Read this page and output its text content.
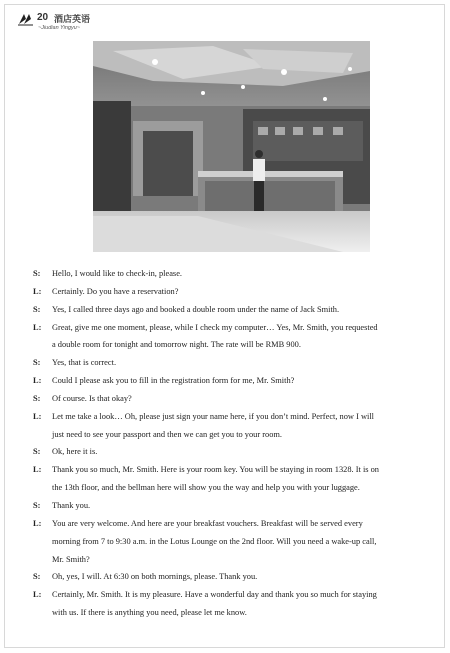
20 酒店英语
~Jiudian Yingyu~
S: Hello, I would like to check-in, please.
L: Certainly. Do you have a reservation?
S: Yes, I called three days ago and booked a double room under the name of Jack Smith.
L: Great, give me one moment, please, while I check my computer… Yes, Mr. Smith, you requested
a double room for tonight and tomorrow night. The rate will be RMB 900.
S: Yes, that is correct.
L: Could I please ask you to fill in the registration form for me, Mr. Smith?
S: Of course. Is that okay?
L: Let me take a look… Oh, please just sign your name here, if you don’t mind. Perfect, now I will
just need to see your passport and then we can get you to your room.
S: Ok, here it is.
L: Thank you so much, Mr. Smith. Here is your room key. You will be staying in room 1328. It is on
the 13th floor, and the bellman here will show you the way and help you with your luggage.
S: Thank you.
L: You are very welcome. And here are your breakfast vouchers. Breakfast will be served every
morning from 7 to 9:30 a.m. in the Lotus Lounge on the 2nd floor. Will you need a wake-up call,
Mr. Smith?
S: Oh, yes, I will. At 6:30 on both mornings, please. Thank you.
L: Certainly, Mr. Smith. It is my pleasure. Have a wonderful day and thank you so much for staying
with us. If there is anything you need, please let me know.
